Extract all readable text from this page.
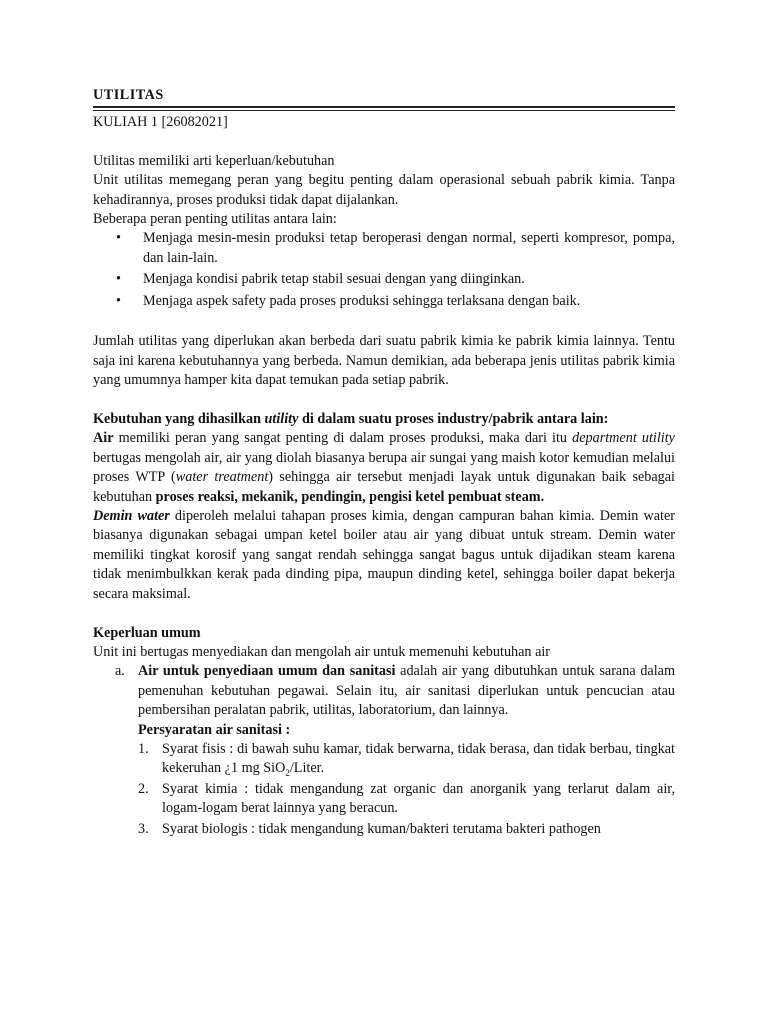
UTILITAS

KULIAH 1 [26082021]

Utilitas memiliki arti keperluan/kebutuhan

Unit utilitas memegang peran yang begitu penting dalam operasional sebuah pabrik kimia. Tanpa kehadirannya, proses produksi tidak dapat dijalankan.

Beberapa peran penting utilitas antara lain:

• Menjaga mesin-mesin produksi tetap beroperasi dengan normal, seperti kompresor, pompa, dan lain-lain.
• Menjaga kondisi pabrik tetap stabil sesuai dengan yang diinginkan.
• Menjaga aspek safety pada proses produksi sehingga terlaksana dengan baik.

Jumlah utilitas yang diperlukan akan berbeda dari suatu pabrik kimia ke pabrik kimia lainnya. Tentu saja ini karena kebutuhannya yang berbeda. Namun demikian, ada beberapa jenis utilitas pabrik kimia yang umumnya hamper kita dapat temukan pada setiap pabrik.

Kebutuhan yang dihasilkan utility di dalam suatu proses industry/pabrik antara lain:

Air memiliki peran yang sangat penting di dalam proses produksi, maka dari itu department utility bertugas mengolah air, air yang diolah biasanya berupa air sungai yang maish kotor kemudian melalui proses WTP (water treatment) sehingga air tersebut menjadi layak untuk digunakan baik sebagai kebutuhan proses reaksi, mekanik, pendingin, pengisi ketel pembuat steam.

Demin water diperoleh melalui tahapan proses kimia, dengan campuran bahan kimia. Demin water biasanya digunakan sebagai umpan ketel boiler atau air yang dibuat untuk stream. Demin water memiliki tingkat korosif yang sangat rendah sehingga sangat bagus untuk dijadikan steam karena tidak menimbulkkan kerak pada dinding pipa, maupun dinding ketel, sehingga boiler dapat bekerja secara maksimal.

Keperluan umum

Unit ini bertugas menyediakan dan mengolah air untuk memenuhi kebutuhan air

a. Air untuk penyediaan umum dan sanitasi adalah air yang dibutuhkan untuk sarana dalam pemenuhan kebutuhan pegawai. Selain itu, air sanitasi diperlukan untuk pencucian atau pembersihan peralatan pabrik, utilitas, laboratorium, dan lainnya.

Persyaratan air sanitasi :

1. Syarat fisis : di bawah suhu kamar, tidak berwarna, tidak berasa, dan tidak berbau, tingkat kekeruhan ¿1 mg SiO$_2$/Liter.
2. Syarat kimia : tidak mengandung zat organic dan anorganik yang terlarut dalam air, logam-logam berat lainnya yang beracun.
3. Syarat biologis : tidak mengandung kuman/bakteri terutama bakteri pathogen
